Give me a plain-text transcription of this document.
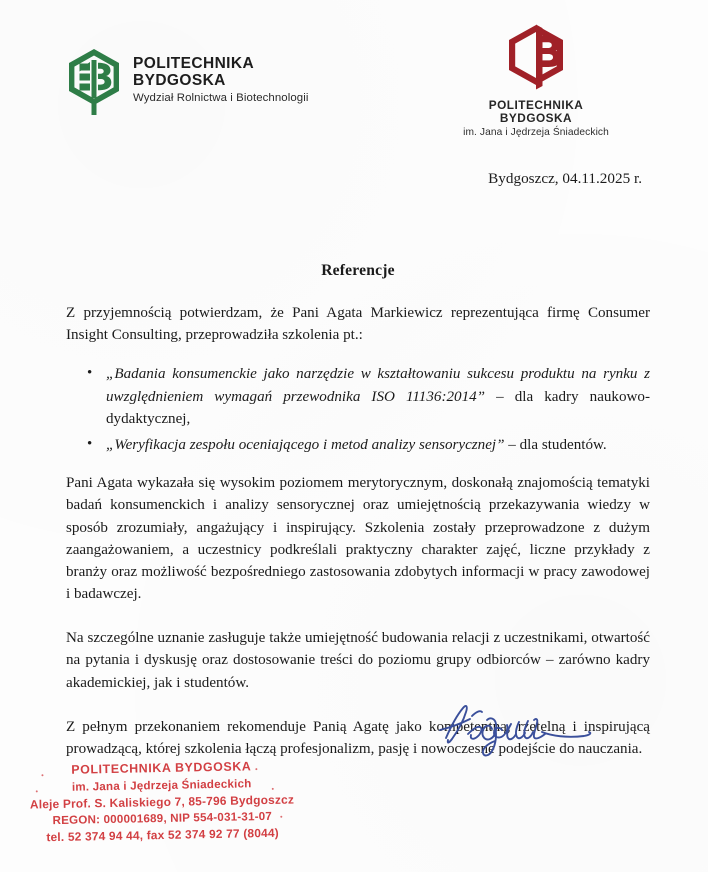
POLITECHNIKA
BYDGOSKA
Wydział Rolnictwa i Biotechnologii	POLITECHNIKA
BYDGOSKA
im. Jana i Jędrzeja Śniadeckich
Bydgoszcz, 04.11.2025 r.
Referencje

Z przyjemnością potwierdzam, że Pani Agata Markiewicz reprezentująca firmę Consumer Insight Consulting, przeprowadziła szkolenia pt.:

• „Badania konsumenckie jako narzędzie w kształtowaniu sukcesu produktu na rynku z uwzględnieniem wymagań przewodnika ISO 11136:2014” – dla kadry naukowo-dydaktycznej,
• „Weryfikacja zespołu oceniającego i metod analizy sensorycznej” – dla studentów.

Pani Agata wykazała się wysokim poziomem merytorycznym, doskonałą znajomością tematyki badań konsumenckich i analizy sensorycznej oraz umiejętnością przekazywania wiedzy w sposób zrozumiały, angażujący i inspirujący. Szkolenia zostały przeprowadzone z dużym zaangażowaniem, a uczestnicy podkreślali praktyczny charakter zajęć, liczne przykłady z branży oraz możliwość bezpośredniego zastosowania zdobytych informacji w pracy zawodowej i badawczej.

Na szczególne uznanie zasługuje także umiejętność budowania relacji z uczestnikami, otwartość na pytania i dyskusję oraz dostosowanie treści do poziomu grupy odbiorców – zarówno kadry akademickiej, jak i studentów.

Z pełnym przekonaniem rekomenduje Panią Agatę jako kompetentną, rzetelną i inspirującą prowadzącą, której szkolenia łączą profesjonalizm, pasję i nowoczesne podejście do nauczania.

POLITECHNIKA BYDGOSKA
im. Jana i Jędrzeja Śniadeckich
Aleje Prof. S. Kaliskiego 7, 85-796 Bydgoszcz
REGON: 000001689, NIP 554-031-31-07
tel. 52 374 94 44, fax 52 374 92 77 (8044)
